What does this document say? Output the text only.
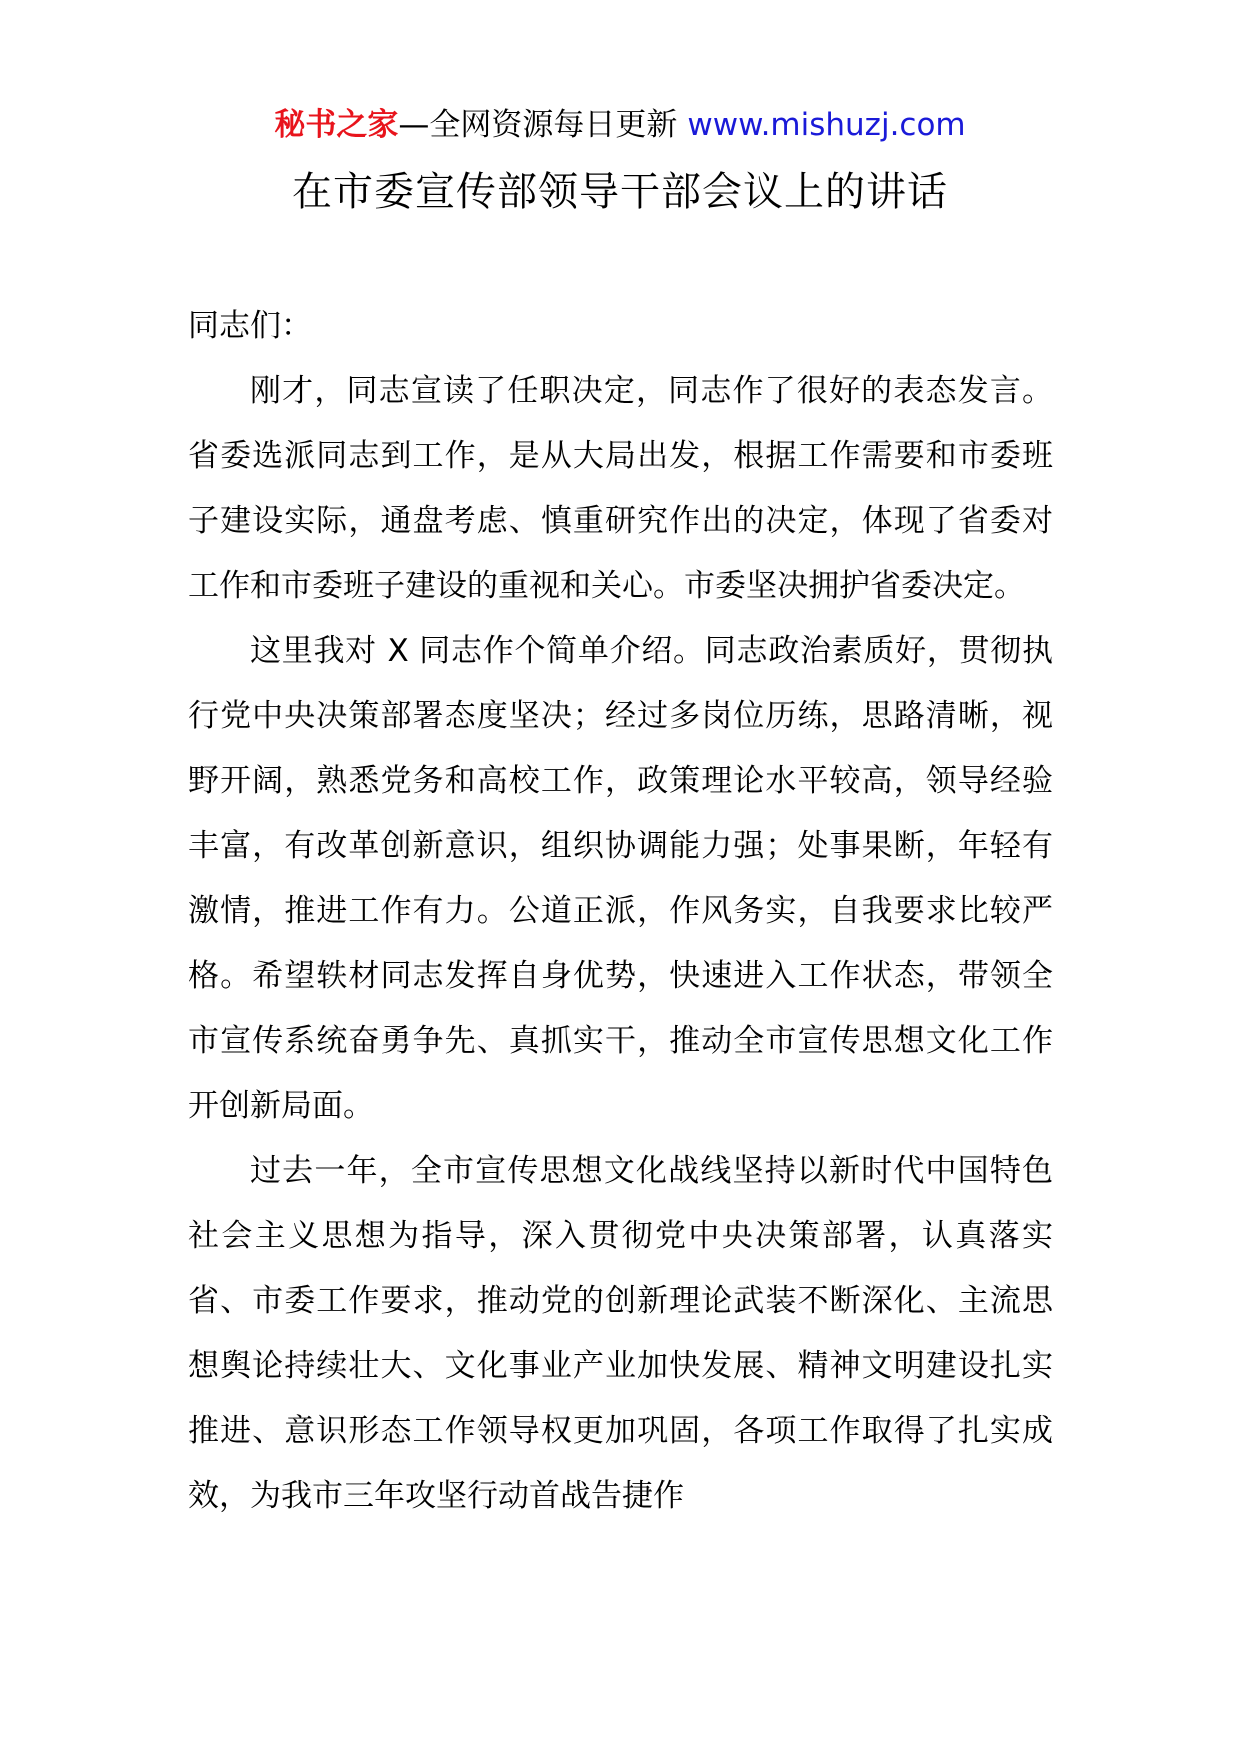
秘书之家—全网资源每日更新 www.mishuzj.com
在市委宣传部领导干部会议上的讲话

同志们：

刚才，同志宣读了任职决定，同志作了很好的表态发言。省委选派同志到工作，是从大局出发，根据工作需要和市委班子建设实际，通盘考虑、慎重研究作出的决定，体现了省委对工作和市委班子建设的重视和关心。市委坚决拥护省委决定。

这里我对 X 同志作个简单介绍。同志政治素质好，贯彻执行党中央决策部署态度坚决；经过多岗位历练，思路清晰，视野开阔，熟悉党务和高校工作，政策理论水平较高，领导经验丰富，有改革创新意识，组织协调能力强；处事果断，年轻有激情，推进工作有力。公道正派，作风务实，自我要求比较严格。希望轶材同志发挥自身优势，快速进入工作状态，带领全市宣传系统奋勇争先、真抓实干，推动全市宣传思想文化工作开创新局面。

过去一年，全市宣传思想文化战线坚持以新时代中国特色社会主义思想为指导，深入贯彻党中央决策部署，认真落实省、市委工作要求，推动党的创新理论武装不断深化、主流思想舆论持续壮大、文化事业产业加快发展、精神文明建设扎实推进、意识形态工作领导权更加巩固，各项工作取得了扎实成效，为我市三年攻坚行动首战告捷作
